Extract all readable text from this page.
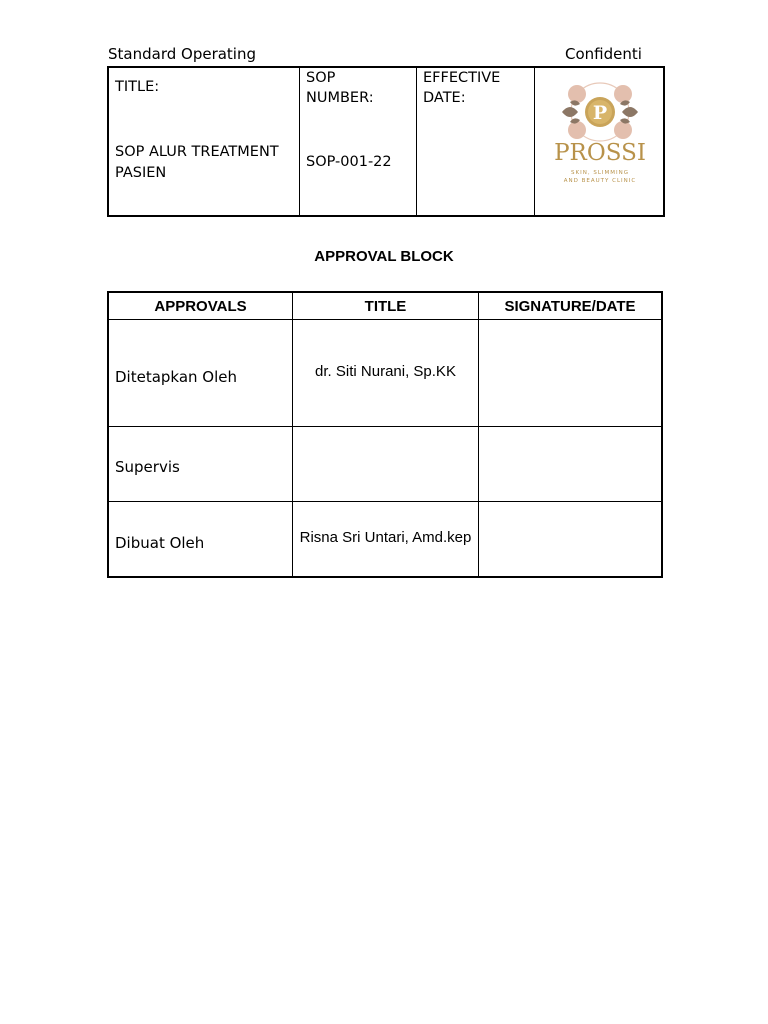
Standard Operating	Confidenti
TITLE:
SOP ALUR TREATMENT
PASIEN

SOP
NUMBER:
SOP-001-22

EFFECTIVE
DATE:

P
PROSSI
SKIN, SLIMMING
AND BEAUTY CLINIC
APPROVAL BLOCK
APPROVALS	TITLE	SIGNATURE/DATE

Ditetapkan Oleh	dr. Siti Nurani, Sp.KK	

Supervis		

Dibuat Oleh	Risna Sri Untari, Amd.kep	
